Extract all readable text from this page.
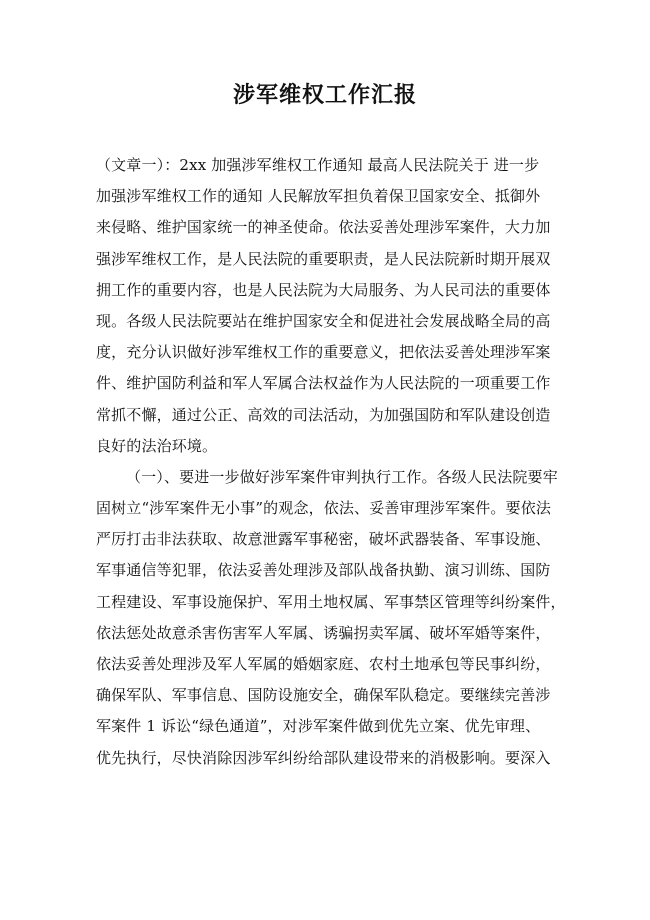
涉军维权工作汇报
（文章一）：2xx 加强涉军维权工作通知 最高人民法院关于 进一步
加强涉军维权工作的通知 人民解放军担负着保卫国家安全、抵御外
来侵略、维护国家统一的神圣使命。依法妥善处理涉军案件，大力加
强涉军维权工作，是人民法院的重要职责，是人民法院新时期开展双
拥工作的重要内容，也是人民法院为大局服务、为人民司法的重要体
现。各级人民法院要站在维护国家安全和促进社会发展战略全局的高
度，充分认识做好涉军维权工作的重要意义，把依法妥善处理涉军案
件、维护国防利益和军人军属合法权益作为人民法院的一项重要工作
常抓不懈，通过公正、高效的司法活动，为加强国防和军队建设创造
良好的法治环境。
（一）、要进一步做好涉军案件审判执行工作。各级人民法院要牢
固树立“涉军案件无小事”的观念，依法、妥善审理涉军案件。要依法
严厉打击非法获取、故意泄露军事秘密，破坏武器装备、军事设施、
军事通信等犯罪，依法妥善处理涉及部队战备执勤、演习训练、国防
工程建设、军事设施保护、军用土地权属、军事禁区管理等纠纷案件，
依法惩处故意杀害伤害军人军属、诱骗拐卖军属、破坏军婚等案件，
依法妥善处理涉及军人军属的婚姻家庭、农村土地承包等民事纠纷，
确保军队、军事信息、国防设施安全，确保军队稳定。要继续完善涉
军案件 1 诉讼“绿色通道”，对涉军案件做到优先立案、优先审理、
优先执行，尽快消除因涉军纠纷给部队建设带来的消极影响。要深入
